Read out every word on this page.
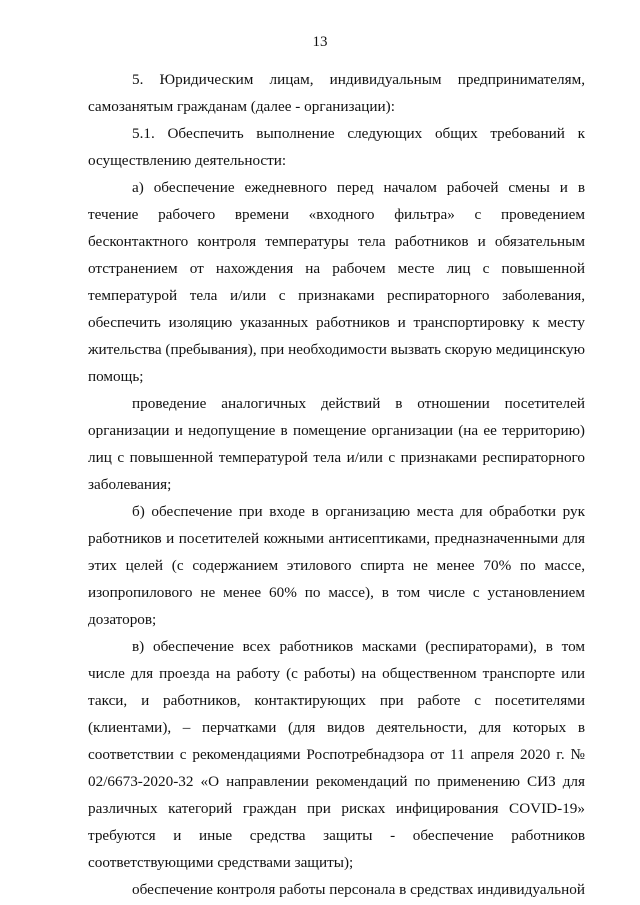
13

5. Юридическим лицам, индивидуальным предпринимателям, самозанятым гражданам (далее - организации):

5.1. Обеспечить выполнение следующих общих требований к осуществлению деятельности:

а) обеспечение ежедневного перед началом рабочей смены и в течение рабочего времени «входного фильтра» с проведением бесконтактного контроля температуры тела работников и обязательным отстранением от нахождения на рабочем месте лиц с повышенной температурой тела и/или с признаками респираторного заболевания, обеспечить изоляцию указанных работников и транспортировку к месту жительства (пребывания), при необходимости вызвать скорую медицинскую помощь;

проведение аналогичных действий в отношении посетителей организации и недопущение в помещение организации (на ее территорию) лиц с повышенной температурой тела и/или с признаками респираторного заболевания;

б) обеспечение при входе в организацию места для обработки рук работников и посетителей кожными антисептиками, предназначенными для этих целей (с содержанием этилового спирта не менее 70% по массе, изопропилового не менее 60% по массе), в том числе с установлением дозаторов;

в) обеспечение всех работников масками (респираторами), в том числе для проезда на работу (с работы) на общественном транспорте или такси, и работников, контактирующих при работе с посетителями (клиентами), – перчатками (для видов деятельности, для которых в соответствии с рекомендациями Роспотребнадзора от 11 апреля 2020 г. № 02/6673-2020-32 «О направлении рекомендаций по применению СИЗ для различных категорий граждан при рисках инфицирования COVID-19» требуются и иные средства защиты - обеспечение работников соответствующими средствами защиты);

обеспечение контроля работы персонала в средствах индивидуальной
